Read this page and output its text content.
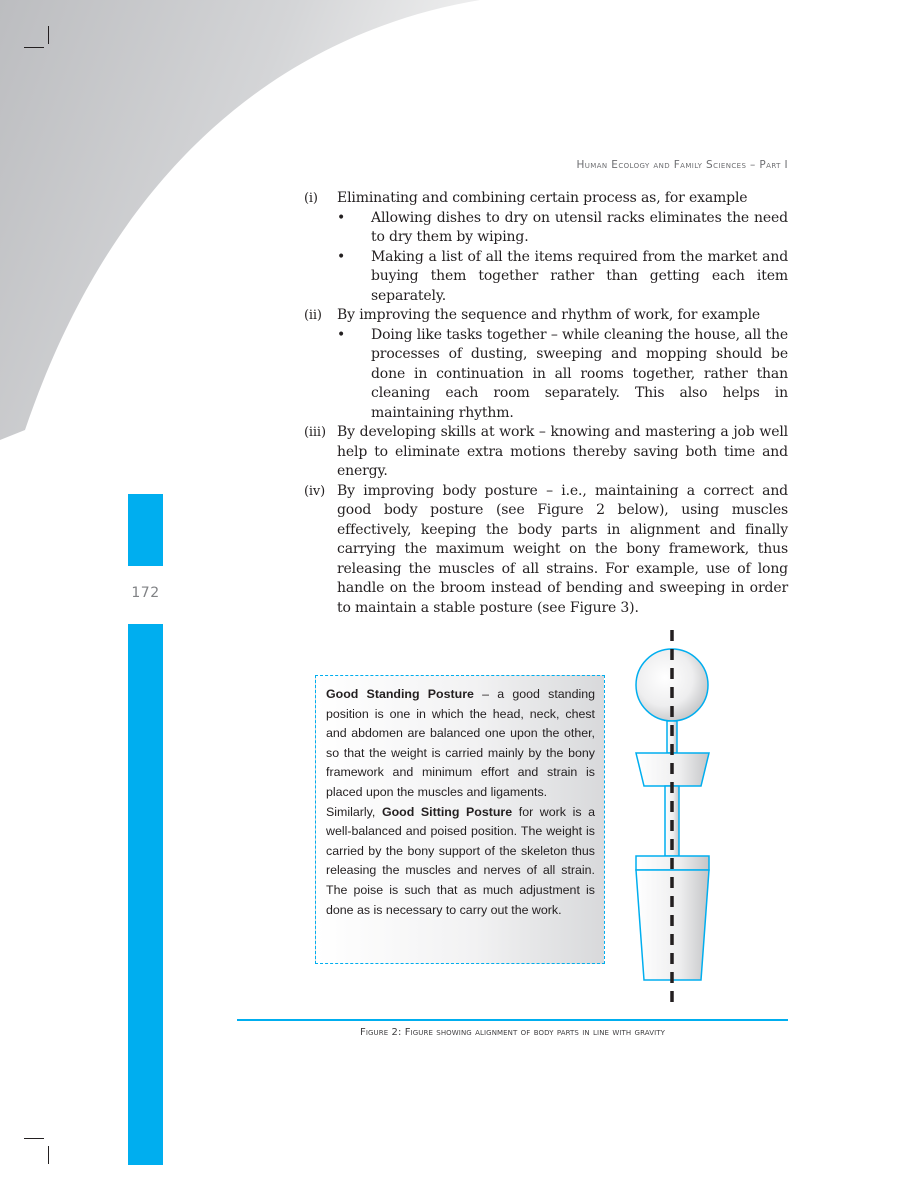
172
Human Ecology and Family Sciences – Part I
(i) Eliminating and combining certain process as, for example
• Allowing dishes to dry on utensil racks eliminates the need to dry them by wiping.
• Making a list of all the items required from the market and buying them together rather than getting each item separately.
(ii) By improving the sequence and rhythm of work, for example
• Doing like tasks together – while cleaning the house, all the processes of dusting, sweeping and mopping should be done in continuation in all rooms together, rather than cleaning each room separately. This also helps in maintaining rhythm.
(iii) By developing skills at work – knowing and mastering a job well help to eliminate extra motions thereby saving both time and energy.
(iv) By improving body posture – i.e., maintaining a correct and good body posture (see Figure 2 below), using muscles effectively, keeping the body parts in alignment and finally carrying the maximum weight on the bony framework, thus releasing the muscles of all strains. For example, use of long handle on the broom instead of bending and sweeping in order to maintain a stable posture (see Figure 3).
Good Standing Posture – a good standing position is one in which the head, neck, chest and abdomen are balanced one upon the other, so that the weight is carried mainly by the bony framework and minimum effort and strain is placed upon the muscles and ligaments.
Similarly, Good Sitting Posture for work is a well-balanced and poised position. The weight is carried by the bony support of the skeleton thus releasing the muscles and nerves of all strain. The poise is such that as much adjustment is done as is necessary to carry out the work.
Figure 2: Figure showing alignment of body parts in line with gravity
